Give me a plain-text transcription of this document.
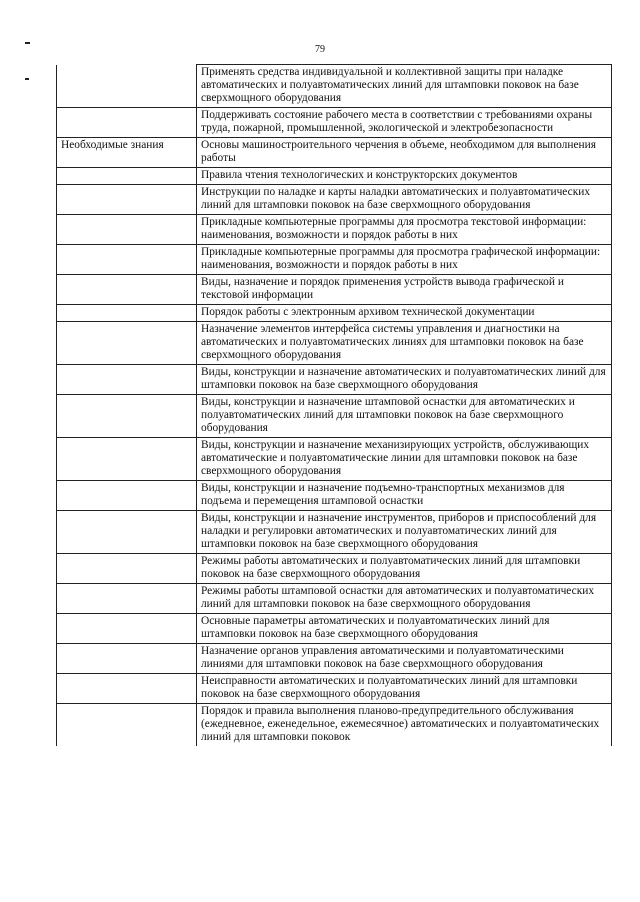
79
	Применять средства индивидуальной и коллективной защиты при наладке автоматических и полуавтоматических линий для штамповки поковок на базе сверхмощного оборудования
	Поддерживать состояние рабочего места в соответствии с требованиями охраны труда, пожарной, промышленной, экологической и электробезопасности
Необходимые знания	Основы машиностроительного черчения в объеме, необходимом для выполнения работы
	Правила чтения технологических и конструкторских документов
	Инструкции по наладке и карты наладки автоматических и полуавтоматических линий для штамповки поковок на базе сверхмощного оборудования
	Прикладные компьютерные программы для просмотра текстовой информации: наименования, возможности и порядок работы в них
	Прикладные компьютерные программы для просмотра графической информации: наименования, возможности и порядок работы в них
	Виды, назначение и порядок применения устройств вывода графической и текстовой информации
	Порядок работы с электронным архивом технической документации
	Назначение элементов интерфейса системы управления и диагностики на автоматических и полуавтоматических линиях для штамповки поковок на базе сверхмощного оборудования
	Виды, конструкции и назначение автоматических и полуавтоматических линий для штамповки поковок на базе сверхмощного оборудования
	Виды, конструкции и назначение штамповой оснастки для автоматических и полуавтоматических линий для штамповки поковок на базе сверхмощного оборудования
	Виды, конструкции и назначение механизирующих устройств, обслуживающих автоматические и полуавтоматические линии для штамповки поковок на базе сверхмощного оборудования
	Виды, конструкции и назначение подъемно-транспортных механизмов для подъема и перемещения штамповой оснастки
	Виды, конструкции и назначение инструментов, приборов и приспособлений для наладки и регулировки автоматических и полуавтоматических линий для штамповки поковок на базе сверхмощного оборудования
	Режимы работы автоматических и полуавтоматических линий для штамповки поковок на базе сверхмощного оборудования
	Режимы работы штамповой оснастки для автоматических и полуавтоматических линий для штамповки поковок на базе сверхмощного оборудования
	Основные параметры автоматических и полуавтоматических линий для штамповки поковок на базе сверхмощного оборудования
	Назначение органов управления автоматическими и полуавтоматическими линиями для штамповки поковок на базе сверхмощного оборудования
	Неисправности автоматических и полуавтоматических линий для штамповки поковок на базе сверхмощного оборудования
	Порядок и правила выполнения планово-предупредительного обслуживания (ежедневное, еженедельное, ежемесячное) автоматических и полуавтоматических линий для штамповки поковок
